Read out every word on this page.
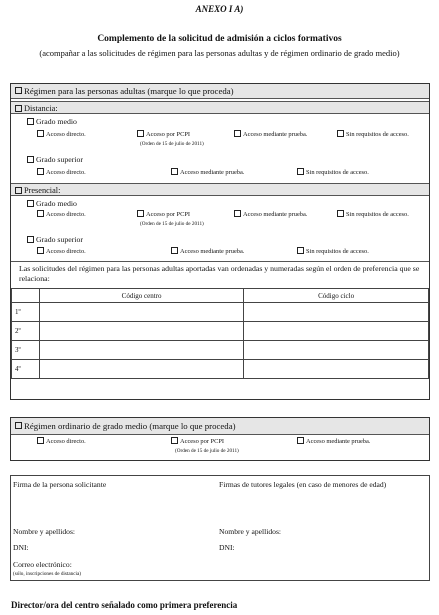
ANEXO I A)
Complemento de la solicitud de admisión a ciclos formativos
(acompañar a las solicitudes de régimen para las personas adultas y de régimen ordinario de grado medio)
Régimen para las personas adultas (marque lo que proceda)
Distancia:
Grado medio
Acceso directo.	Acceso por PCPI
(Orden de 15 de julio de 2011)
Acceso mediante prueba.	Sin requisitos de acceso.
Grado superior
Acceso directo.	Acceso mediante prueba.	Sin requisitos de acceso.
Presencial:
Grado medio
Acceso directo.	Acceso por PCPI
(Orden de 15 de julio de 2011)
Acceso mediante prueba.	Sin requisitos de acceso.
Grado superior
Acceso directo.	Acceso mediante prueba.	Sin requisitos de acceso.
Las solicitudes del régimen para las personas adultas aportadas van ordenadas y numeradas según el orden de preferencia que se relaciona:
	Código centro	Código ciclo
1º		
2º		
3º		
4º		
Régimen ordinario de grado medio (marque lo que proceda)
Acceso directo.	Acceso por PCPI
(Orden de 15 de julio de 2011)
Acceso mediante prueba.
Firma de la persona solicitante	Firmas de tutores legales (en caso de menores de edad)
Nombre y apellidos:
DNI:
Nombre y apellidos:
DNI:
Correo electrónico:
(sólo, inscripciones de distancia)
Director/ora del centro señalado como primera preferencia
